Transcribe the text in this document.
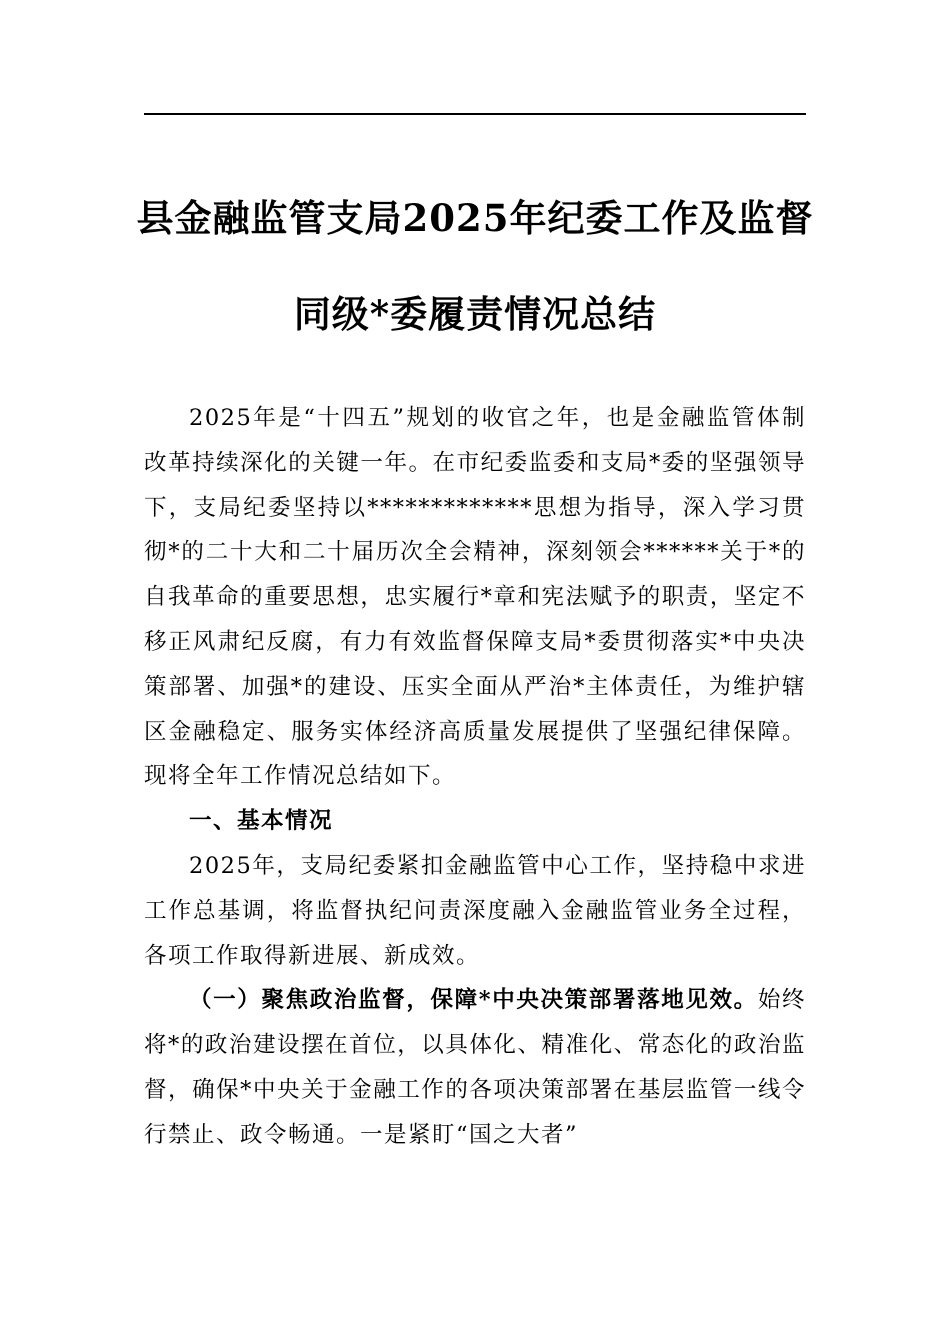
县金融监管支局2025年纪委工作及监督同级*委履责情况总结

2025年是“十四五”规划的收官之年，也是金融监管体制改革持续深化的关键一年。在市纪委监委和支局*委的坚强领导下，支局纪委坚持以*************思想为指导，深入学习贯彻*的二十大和二十届历次全会精神，深刻领会******关于*的自我革命的重要思想，忠实履行*章和宪法赋予的职责，坚定不移正风肃纪反腐，有力有效监督保障支局*委贯彻落实*中央决策部署、加强*的建设、压实全面从严治*主体责任，为维护辖区金融稳定、服务实体经济高质量发展提供了坚强纪律保障。现将全年工作情况总结如下。

一、基本情况

2025年，支局纪委紧扣金融监管中心工作，坚持稳中求进工作总基调，将监督执纪问责深度融入金融监管业务全过程，各项工作取得新进展、新成效。

（一）聚焦政治监督，保障*中央决策部署落地见效。始终将*的政治建设摆在首位，以具体化、精准化、常态化的政治监督，确保*中央关于金融工作的各项决策部署在基层监管一线令行禁止、政令畅通。一是紧盯“国之大者”
